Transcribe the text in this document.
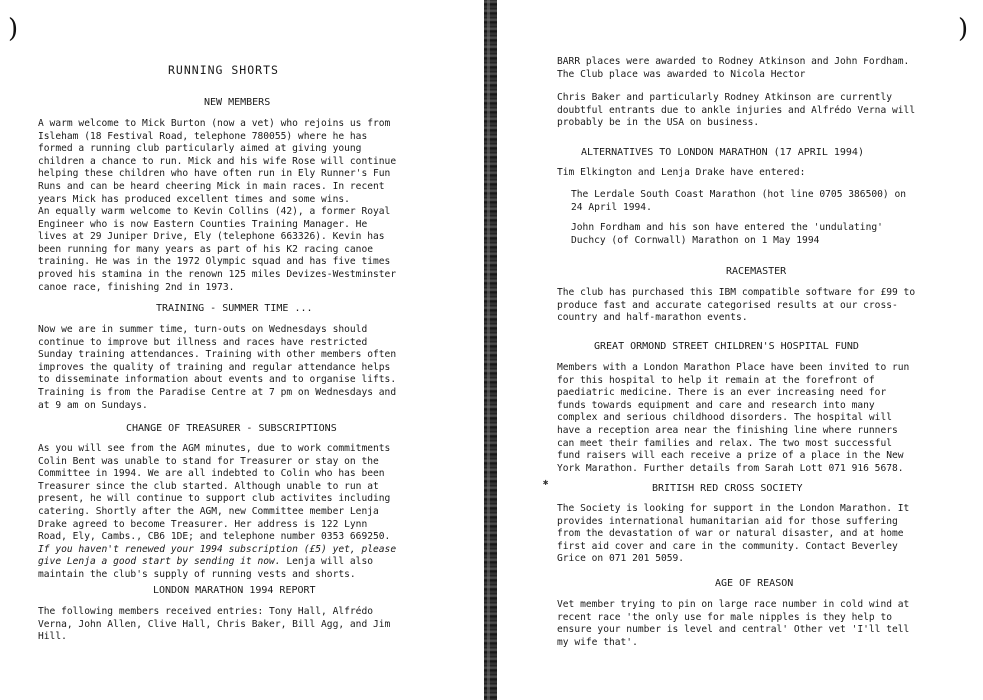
)
RUNNING SHORTS
NEW MEMBERS
A warm welcome to Mick Burton (now a vet) who rejoins us from
Isleham (18 Festival Road, telephone 780055) where he has
formed a running club particularly aimed at giving young
children a chance to run. Mick and his wife Rose will continue
helping these children who have often run in Ely Runner's Fun
Runs and can be heard cheering Mick in main races. In recent
years Mick has produced excellent times and some wins.
An equally warm welcome to Kevin Collins (42), a former Royal
Engineer who is now Eastern Counties Training Manager. He
lives at 29 Juniper Drive, Ely (telephone 663326). Kevin has
been running for many years as part of his K2 racing canoe
training. He was in the 1972 Olympic squad and has five times
proved his stamina in the renown 125 miles Devizes-Westminster
canoe race, finishing 2nd in 1973.
TRAINING - SUMMER TIME ...
Now we are in summer time, turn-outs on Wednesdays should
continue to improve but illness and races have restricted
Sunday training attendances. Training with other members often
improves the quality of training and regular attendance helps
to disseminate information about events and to organise lifts.
Training is from the Paradise Centre at 7 pm on Wednesdays and
at 9 am on Sundays.
CHANGE OF TREASURER - SUBSCRIPTIONS
As you will see from the AGM minutes, due to work commitments
Colin Bent was unable to stand for Treasurer or stay on the
Committee in 1994. We are all indebted to Colin who has been
Treasurer since the club started. Although unable to run at
present, he will continue to support club activites including
catering. Shortly after the AGM, new Committee member Lenja
Drake agreed to become Treasurer. Her address is 122 Lynn
Road, Ely, Cambs., CB6 1DE; and telephone number 0353 669250.
If you haven't renewed your 1994 subscription (£5) yet, please
give Lenja a good start by sending it now. Lenja will also
maintain the club's supply of running vests and shorts.
LONDON MARATHON 1994 REPORT
The following members received entries: Tony Hall, Alfrédo
Verna, John Allen, Clive Hall, Chris Baker, Bill Agg, and Jim
Hill.
)
BARR places were awarded to Rodney Atkinson and John Fordham.
The Club place was awarded to Nicola Hector
Chris Baker and particularly Rodney Atkinson are currently
doubtful entrants due to ankle injuries and Alfrédo Verna will
probably be in the USA on business.
ALTERNATIVES TO LONDON MARATHON (17 APRIL 1994)
Tim Elkington and Lenja Drake have entered:
The Lerdale South Coast Marathon (hot line 0705 386500) on
24 April 1994.
John Fordham and his son have entered the 'undulating'
Duchcy (of Cornwall) Marathon on 1 May 1994
RACEMASTER
The club has purchased this IBM compatible software for £99 to
produce fast and accurate categorised results at our cross-
country and half-marathon events.
GREAT ORMOND STREET CHILDREN'S HOSPITAL FUND
Members with a London Marathon Place have been invited to run
for this hospital to help it remain at the forefront of
paediatric medicine. There is an ever increasing need for
funds towards equipment and care and research into many
complex and serious childhood disorders. The hospital will
have a reception area near the finishing line where runners
can meet their families and relax. The two most successful
fund raisers will each receive a prize of a place in the New
York Marathon. Further details from Sarah Lott 071 916 5678.
✱	BRITISH RED CROSS SOCIETY
The Society is looking for support in the London Marathon. It
provides international humanitarian aid for those suffering
from the devastation of war or natural disaster, and at home
first aid cover and care in the community. Contact Beverley
Grice on 071 201 5059.
AGE OF REASON
Vet member trying to pin on large race number in cold wind at
recent race 'the only use for male nipples is they help to
ensure your number is level and central' Other vet 'I'll tell
my wife that'.
